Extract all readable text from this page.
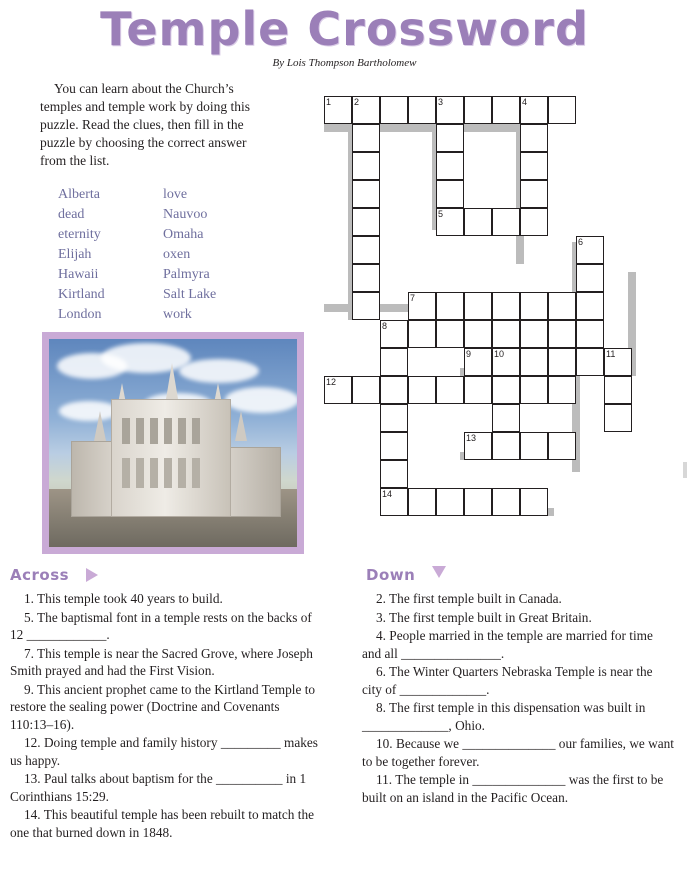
Temple Crossword
By Lois Thompson Bartholomew
You can learn about the Church’s temples and temple work by doing this puzzle. Read the clues, then fill in the puzzle by choosing the correct answer from the list.
Alberta	love
dead	Nauvoo
eternity	Omaha
Elijah	oxen
Hawaii	Palmyra
Kirtland	Salt Lake
London	work
1	2	3	4
5
6
7
8
9	10	11
12
13
14
Across
1. This temple took 40 years to build.
5. The baptismal font in a temple rests on the backs of 12 ____________.
7. This temple is near the Sacred Grove, where Joseph Smith prayed and had the First Vision.
9. This ancient prophet came to the Kirtland Temple to restore the sealing power (Doctrine and Covenants 110:13–16).
12. Doing temple and family history _________ makes us happy.
13. Paul talks about baptism for the __________ in 1 Corinthians 15:29.
14. This beautiful temple has been rebuilt to match the one that burned down in 1848.
Down
2. The first temple built in Canada.
3. The first temple built in Great Britain.
4. People married in the temple are married for time and all _______________.
6. The Winter Quarters Nebraska Temple is near the city of _____________.
8. The first temple in this dispensation was built in _____________, Ohio.
10. Because we ______________ our families, we want to be together forever.
11. The temple in ______________ was the first to be built on an island in the Pacific Ocean.
